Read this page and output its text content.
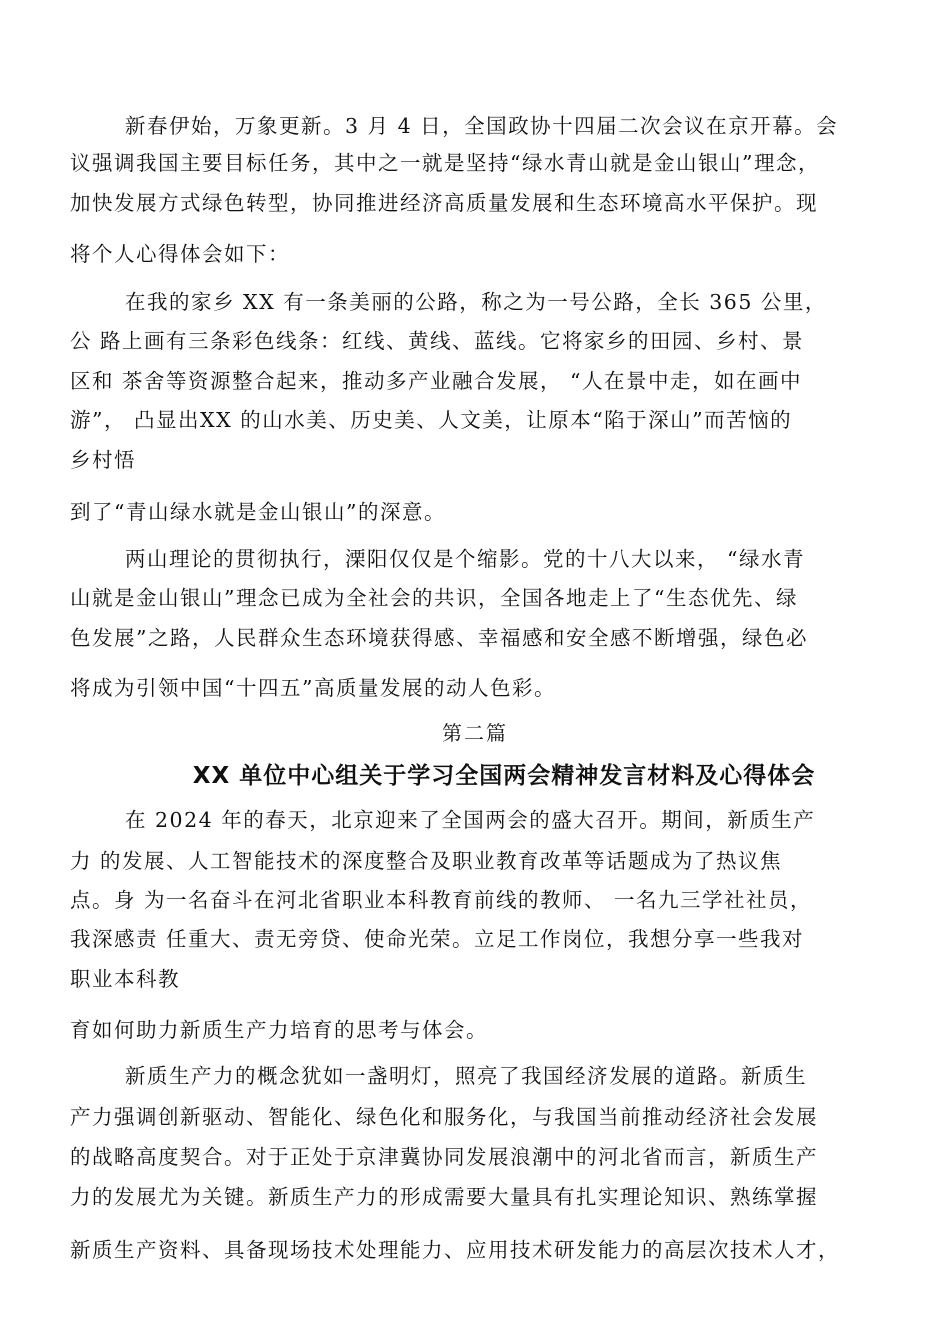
新春伊始，万象更新。3 月 4 日，全国政协十四届二次会议在京开幕。会
议强调我国主要目标任务，其中之一就是坚持“绿水青山就是金山银山”理念，
加快发展方式绿色转型，协同推进经济高质量发展和生态环境高水平保护。现
将个人心得体会如下：
在我的家乡 XX 有一条美丽的公路，称之为一号公路，全长 365 公里，
公 路上画有三条彩色线条：红线、黄线、蓝线。它将家乡的田园、乡村、景
区和 茶舍等资源整合起来，推动多产业融合发展， “人在景中走，如在画中
游”， 凸显出XX 的山水美、历史美、人文美，让原本“陷于深山”而苦恼的
乡村悟
到了“青山绿水就是金山银山”的深意。
两山理论的贯彻执行，溧阳仅仅是个缩影。党的十八大以来， “绿水青
山就是金山银山”理念已成为全社会的共识，全国各地走上了“生态优先、绿
色发展”之路，人民群众生态环境获得感、幸福感和安全感不断增强，绿色必
将成为引领中国“十四五”高质量发展的动人色彩。
第二篇
XX 单位中心组关于学习全国两会精神发言材料及心得体会
在 2024 年的春天，北京迎来了全国两会的盛大召开。期间，新质生产
力 的发展、人工智能技术的深度整合及职业教育改革等话题成为了热议焦
点。身 为一名奋斗在河北省职业本科教育前线的教师、 一名九三学社社员，
我深感责 任重大、责无旁贷、使命光荣。立足工作岗位，我想分享一些我对
职业本科教
育如何助力新质生产力培育的思考与体会。
新质生产力的概念犹如一盏明灯，照亮了我国经济发展的道路。新质生
产力强调创新驱动、智能化、绿色化和服务化，与我国当前推动经济社会发展
的战略高度契合。对于正处于京津冀协同发展浪潮中的河北省而言，新质生产
力的发展尤为关键。新质生产力的形成需要大量具有扎实理论知识、熟练掌握
新质生产资料、具备现场技术处理能力、应用技术研发能力的高层次技术人才，
